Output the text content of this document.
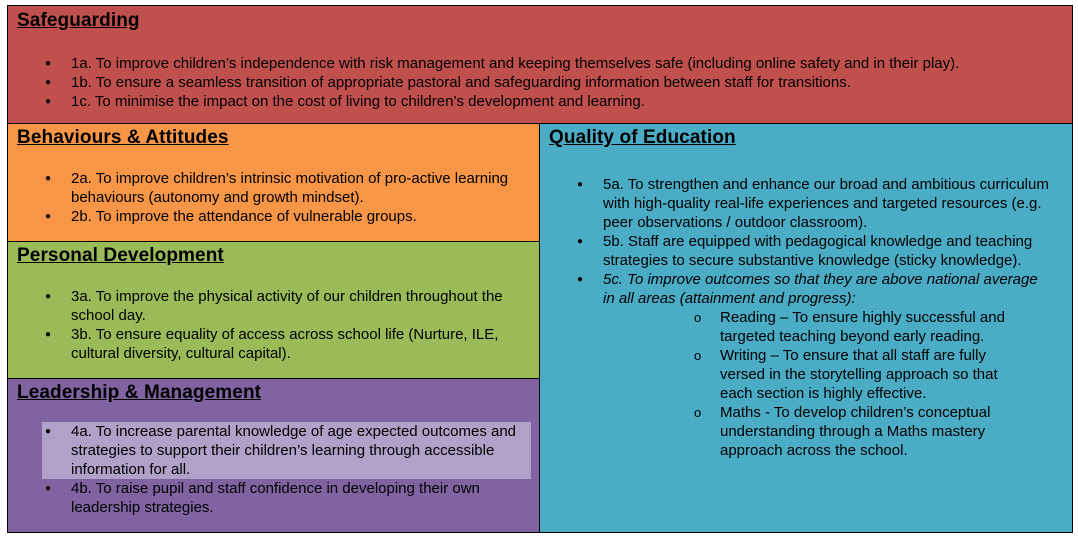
Safeguarding
● 1a. To improve children’s independence with risk management and keeping themselves safe (including online safety and in their play).
● 1b. To ensure a seamless transition of appropriate pastoral and safeguarding information between staff for transitions.
● 1c. To minimise the impact on the cost of living to children’s development and learning.
Behaviours & Attitudes
● 2a. To improve children’s intrinsic motivation of pro-active learning behaviours (autonomy and growth mindset).
● 2b. To improve the attendance of vulnerable groups.
Personal Development
● 3a. To improve the physical activity of our children throughout the school day.
● 3b. To ensure equality of access across school life (Nurture, ILE, cultural diversity, cultural capital).
Leadership & Management
● 4a. To increase parental knowledge of age expected outcomes and strategies to support their children’s learning through accessible information for all.
● 4b. To raise pupil and staff confidence in developing their own leadership strategies.
Quality of Education
● 5a. To strengthen and enhance our broad and ambitious curriculum with high-quality real-life experiences and targeted resources (e.g. peer observations / outdoor classroom).
● 5b. Staff are equipped with pedagogical knowledge and teaching strategies to secure substantive knowledge (sticky knowledge).
● 5c. To improve outcomes so that they are above national average in all areas (attainment and progress):
o Reading – To ensure highly successful and targeted teaching beyond early reading.
o Writing – To ensure that all staff are fully versed in the storytelling approach so that each section is highly effective.
o Maths - To develop children’s conceptual understanding through a Maths mastery approach across the school.
